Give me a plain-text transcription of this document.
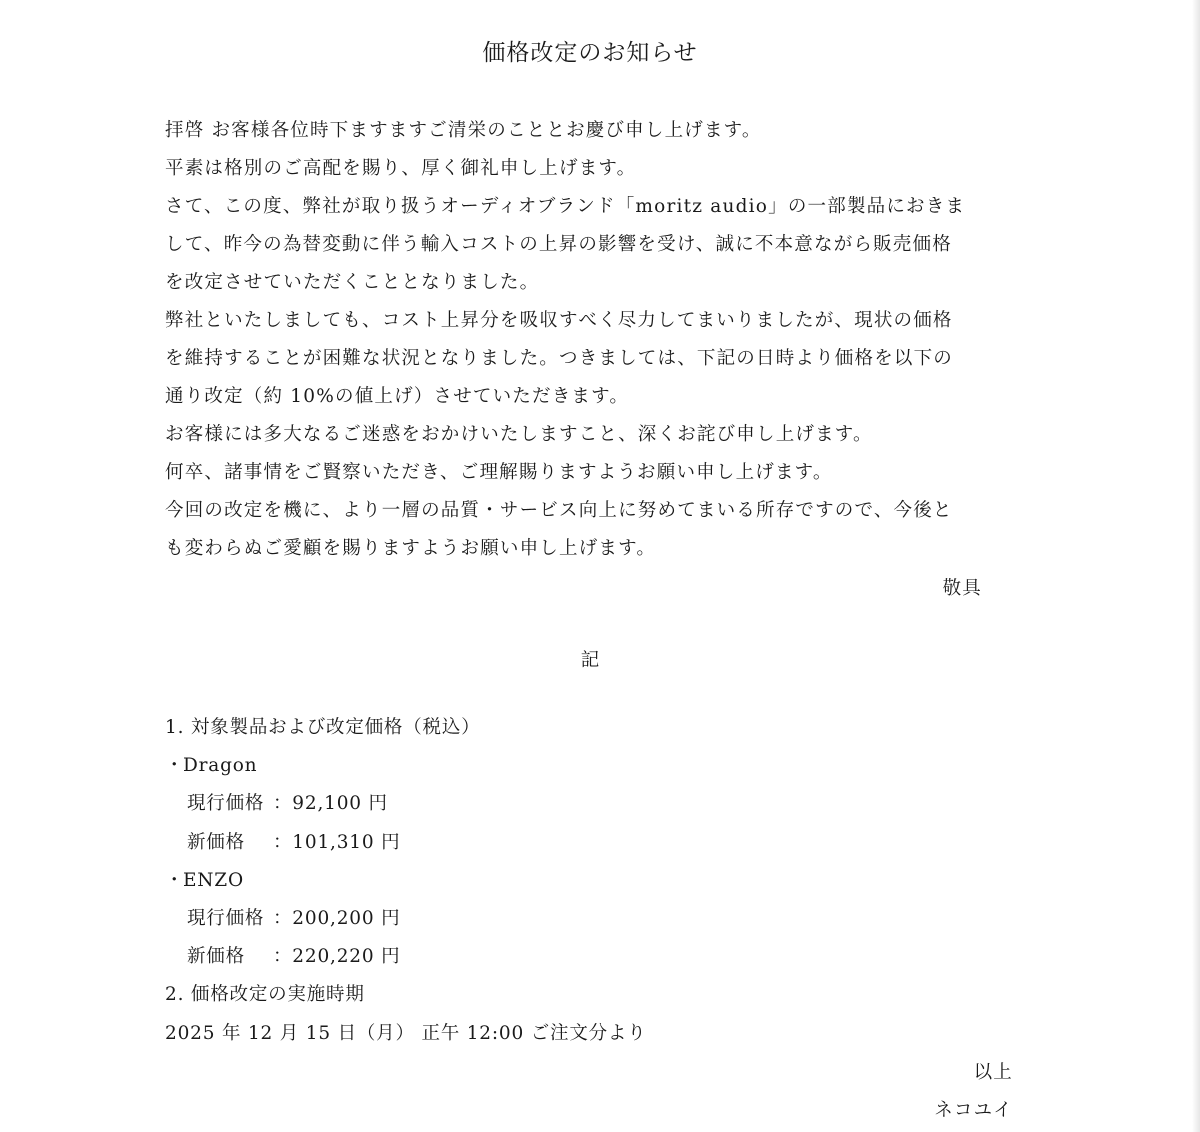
価格改定のお知らせ
拝啓 お客様各位時下ますますご清栄のこととお慶び申し上げます。
平素は格別のご高配を賜り、厚く御礼申し上げます。
さて、この度、弊社が取り扱うオーディオブランド「moritz audio」の一部製品におきま
して、昨今の為替変動に伴う輸入コストの上昇の影響を受け、誠に不本意ながら販売価格
を改定させていただくこととなりました。
弊社といたしましても、コスト上昇分を吸収すべく尽力してまいりましたが、現状の価格
を維持することが困難な状況となりました。つきましては、下記の日時より価格を以下の
通り改定（約 10%の値上げ）させていただきます。
お客様には多大なるご迷惑をおかけいたしますこと、深くお詫び申し上げます。
何卒、諸事情をご賢察いただき、ご理解賜りますようお願い申し上げます。
今回の改定を機に、より一層の品質・サービス向上に努めてまいる所存ですので、今後と
も変わらぬご愛顧を賜りますようお願い申し上げます。
敬具
記
1. 対象製品および改定価格（税込）
・Dragon
現行価格 ：92,100 円
新価格 ：101,310 円
・ENZO
現行価格 ：200,200 円
新価格 ：220,220 円
2. 価格改定の実施時期
2025 年 12 月 15 日（月） 正午 12:00 ご注文分より
以上
ネコユイ
